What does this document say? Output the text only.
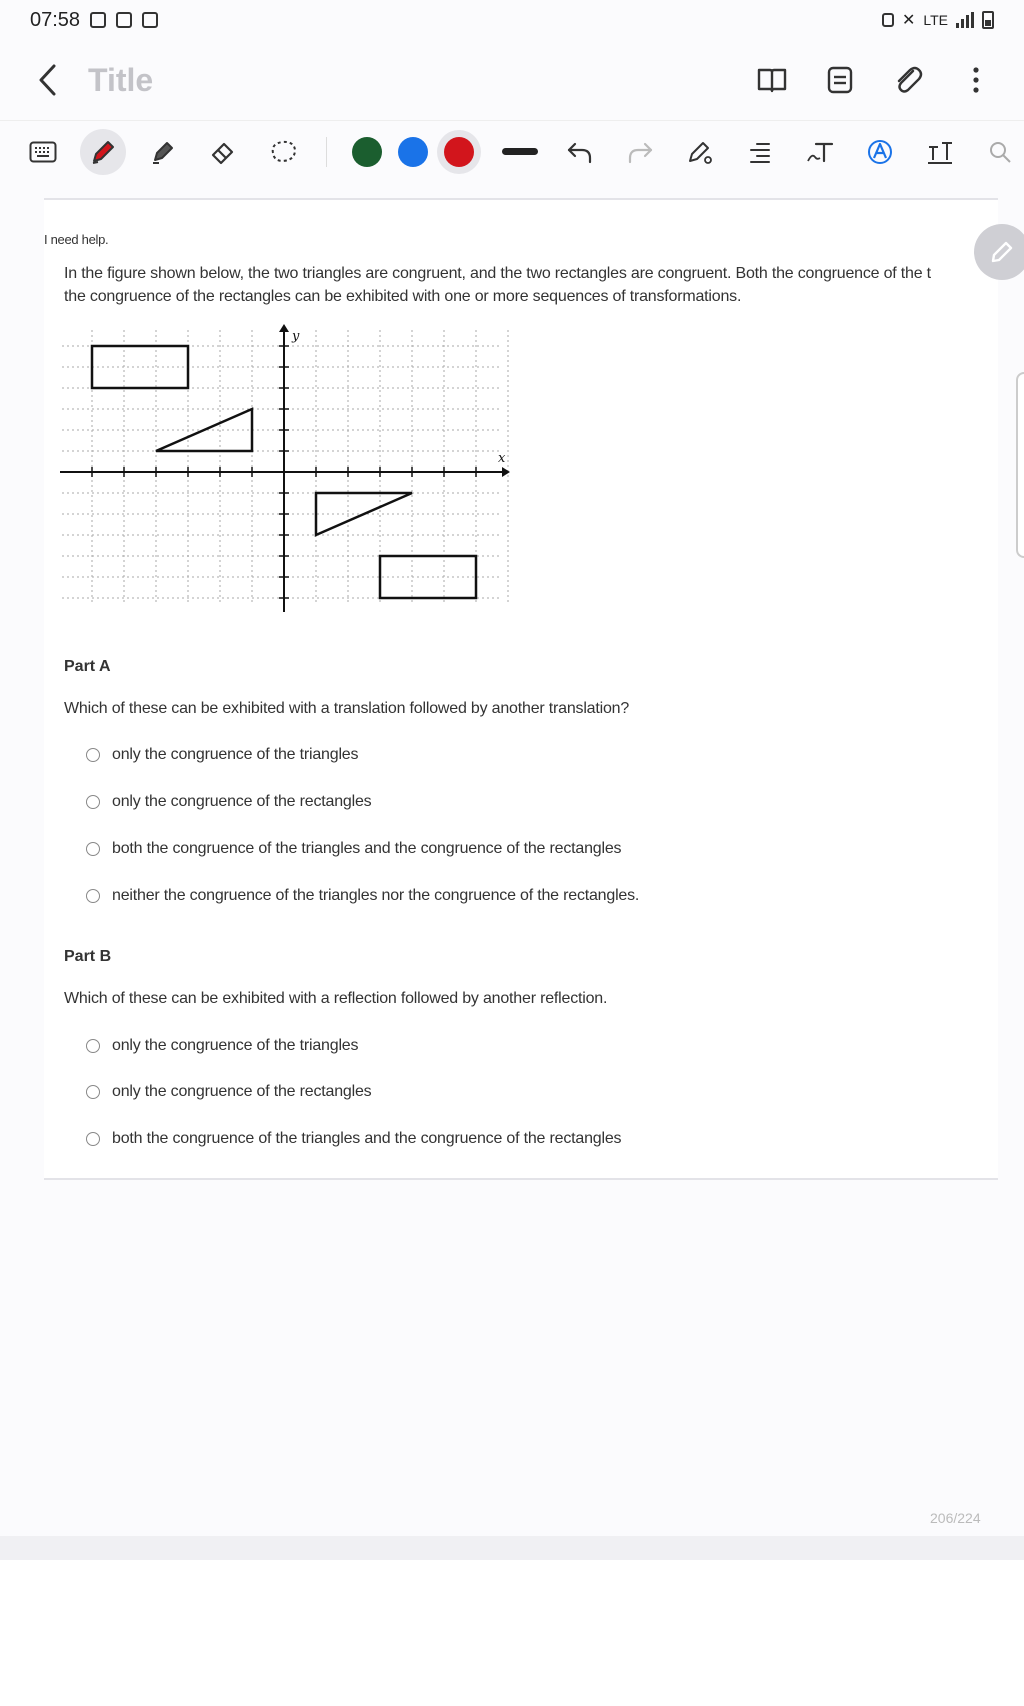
07:58	✕ LTE
Title
I need help.
In the figure shown below, the two triangles are congruent, and the two rectangles are congruent. Both the congruence of the t
the congruence of the rectangles can be exhibited with one or more sequences of transformations.
y
x
Part A
Which of these can be exhibited with a translation followed by another translation?
only the congruence of the triangles
only the congruence of the rectangles
both the congruence of the triangles and the congruence of the rectangles
neither the congruence of the triangles nor the congruence of the rectangles.
Part B
Which of these can be exhibited with a reflection followed by another reflection.
only the congruence of the triangles
only the congruence of the rectangles
both the congruence of the triangles and the congruence of the rectangles
206/224
